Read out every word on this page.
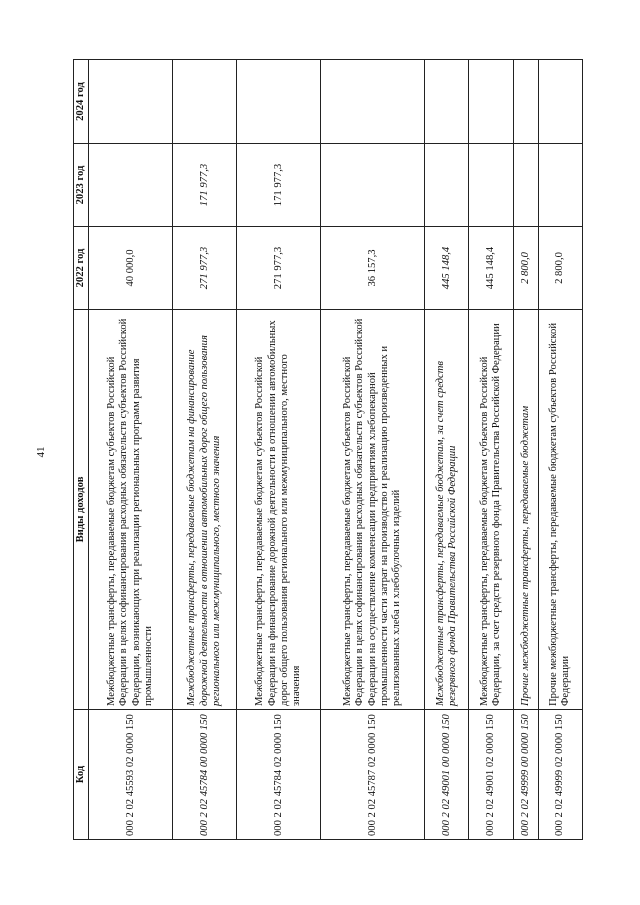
41
Код	Виды доходов	2022 год	2023 год	2024 год
000 2 02 45593 02 0000 150	Межбюджетные трансферты, передаваемые бюджетам субъектов Российской Федерации в целях софинансирования расходных обязательств субъектов Российской Федерации, возникающих при реализации региональных программ развития промышленности	40 000,0		
000 2 02 45784 00 0000 150	Межбюджетные трансферты, передаваемые бюджетам на финансирование дорожной деятельности в отношении автомобильных дорог общего пользования регионального или межмуниципального, местного значения	271 977,3	171 977,3	
000 2 02 45784 02 0000 150	Межбюджетные трансферты, передаваемые бюджетам субъектов Российской Федерации на финансирование дорожной деятельности в отношении автомобильных дорог общего пользования регионального или межмуниципального, местного значения	271 977,3	171 977,3	
000 2 02 45787 02 0000 150	Межбюджетные трансферты, передаваемые бюджетам субъектов Российской Федерации в целях софинансирования расходных обязательств субъектов Российской Федерации на осуществление компенсации предприятиям хлебопекарной промышленности части затрат на производство и реализацию произведенных и реализованных хлеба и хлебобулочных изделий	36 157,3		
000 2 02 49001 00 0000 150	Межбюджетные трансферты, передаваемые бюджетам, за счет средств резервного фонда Правительства Российской Федерации	445 148,4		
000 2 02 49001 02 0000 150	Межбюджетные трансферты, передаваемые бюджетам субъектов Российской Федерации, за счет средств резервного фонда Правительства Российской Федерации	445 148,4		
000 2 02 49999 00 0000 150	Прочие межбюджетные трансферты, передаваемые бюджетам	2 800,0		
000 2 02 49999 02 0000 150	Прочие межбюджетные трансферты, передаваемые бюджетам субъектов Российской Федерации	2 800,0		
